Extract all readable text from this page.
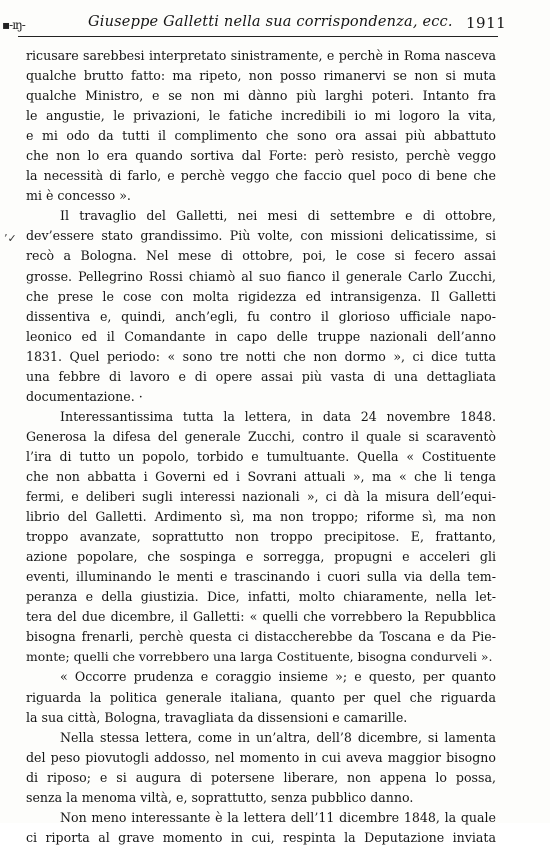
▪-ıŋ-	Giuseppe Galletti nella sua corrispondenza, ecc. 1911
’✓
ricusare sarebbesi interpretato sinistramente, e perchè in Roma nasceva
qualche brutto fatto: ma ripeto, non posso rimanervi se non si muta
qualche Ministro, e se non mi dànno più larghi poteri. Intanto fra
le angustie, le privazioni, le fatiche incredibili io mi logoro la vita,
e mi odo da tutti il complimento che sono ora assai più abbattuto
che non lo era quando sortiva dal Forte: però resisto, perchè veggo
la necessità di farlo, e perchè veggo che faccio quel poco di bene che
mi è concesso ».
Il travaglio del Galletti, nei mesi di settembre e di ottobre,
dev’essere stato grandissimo. Più volte, con missioni delicatissime, si
recò a Bologna. Nel mese di ottobre, poi, le cose si fecero assai
grosse. Pellegrino Rossi chiamò al suo fianco il generale Carlo Zucchi,
che prese le cose con molta rigidezza ed intransigenza. Il Galletti
dissentiva e, quindi, anch’egli, fu contro il glorioso ufficiale napo-
leonico ed il Comandante in capo delle truppe nazionali dell’anno
1831. Quel periodo: « sono tre notti che non dormo », ci dice tutta
una febbre di lavoro e di opere assai più vasta di una dettagliata
documentazione. ·
Interessantissima tutta la lettera, in data 24 novembre 1848.
Generosa la difesa del generale Zucchi, contro il quale si scaraventò
l’ira di tutto un popolo, torbido e tumultuante. Quella « Costituente
che non abbatta i Governi ed i Sovrani attuali », ma « che li tenga
fermi, e deliberi sugli interessi nazionali », ci dà la misura dell’equi-
librio del Galletti. Ardimento sì, ma non troppo; riforme sì, ma non
troppo avanzate, soprattutto non troppo precipitose. E, frattanto,
azione popolare, che sospinga e sorregga, propugni e acceleri gli
eventi, illuminando le menti e trascinando i cuori sulla via della tem-
peranza e della giustizia. Dice, infatti, molto chiaramente, nella let-
tera del due dicembre, il Galletti: « quelli che vorrebbero la Repubblica
bisogna frenarli, perchè questa ci distaccherebbe da Toscana e da Pie-
monte; quelli che vorrebbero una larga Costituente, bisogna condurveli ».
« Occorre prudenza e coraggio insieme »; e questo, per quanto
riguarda la politica generale italiana, quanto per quel che riguarda
la sua città, Bologna, travagliata da dissensioni e camarille.
Nella stessa lettera, come in un’altra, dell’8 dicembre, si lamenta
del peso piovutogli addosso, nel momento in cui aveva maggior bisogno
di riposo; e si augura di potersene liberare, non appena lo possa,
senza la menoma viltà, e, soprattutto, senza pubblico danno.
Non meno interessante è la lettera dell’11 dicembre 1848, la quale
ci riporta al grave momento in cui, respinta la Deputazione inviata
